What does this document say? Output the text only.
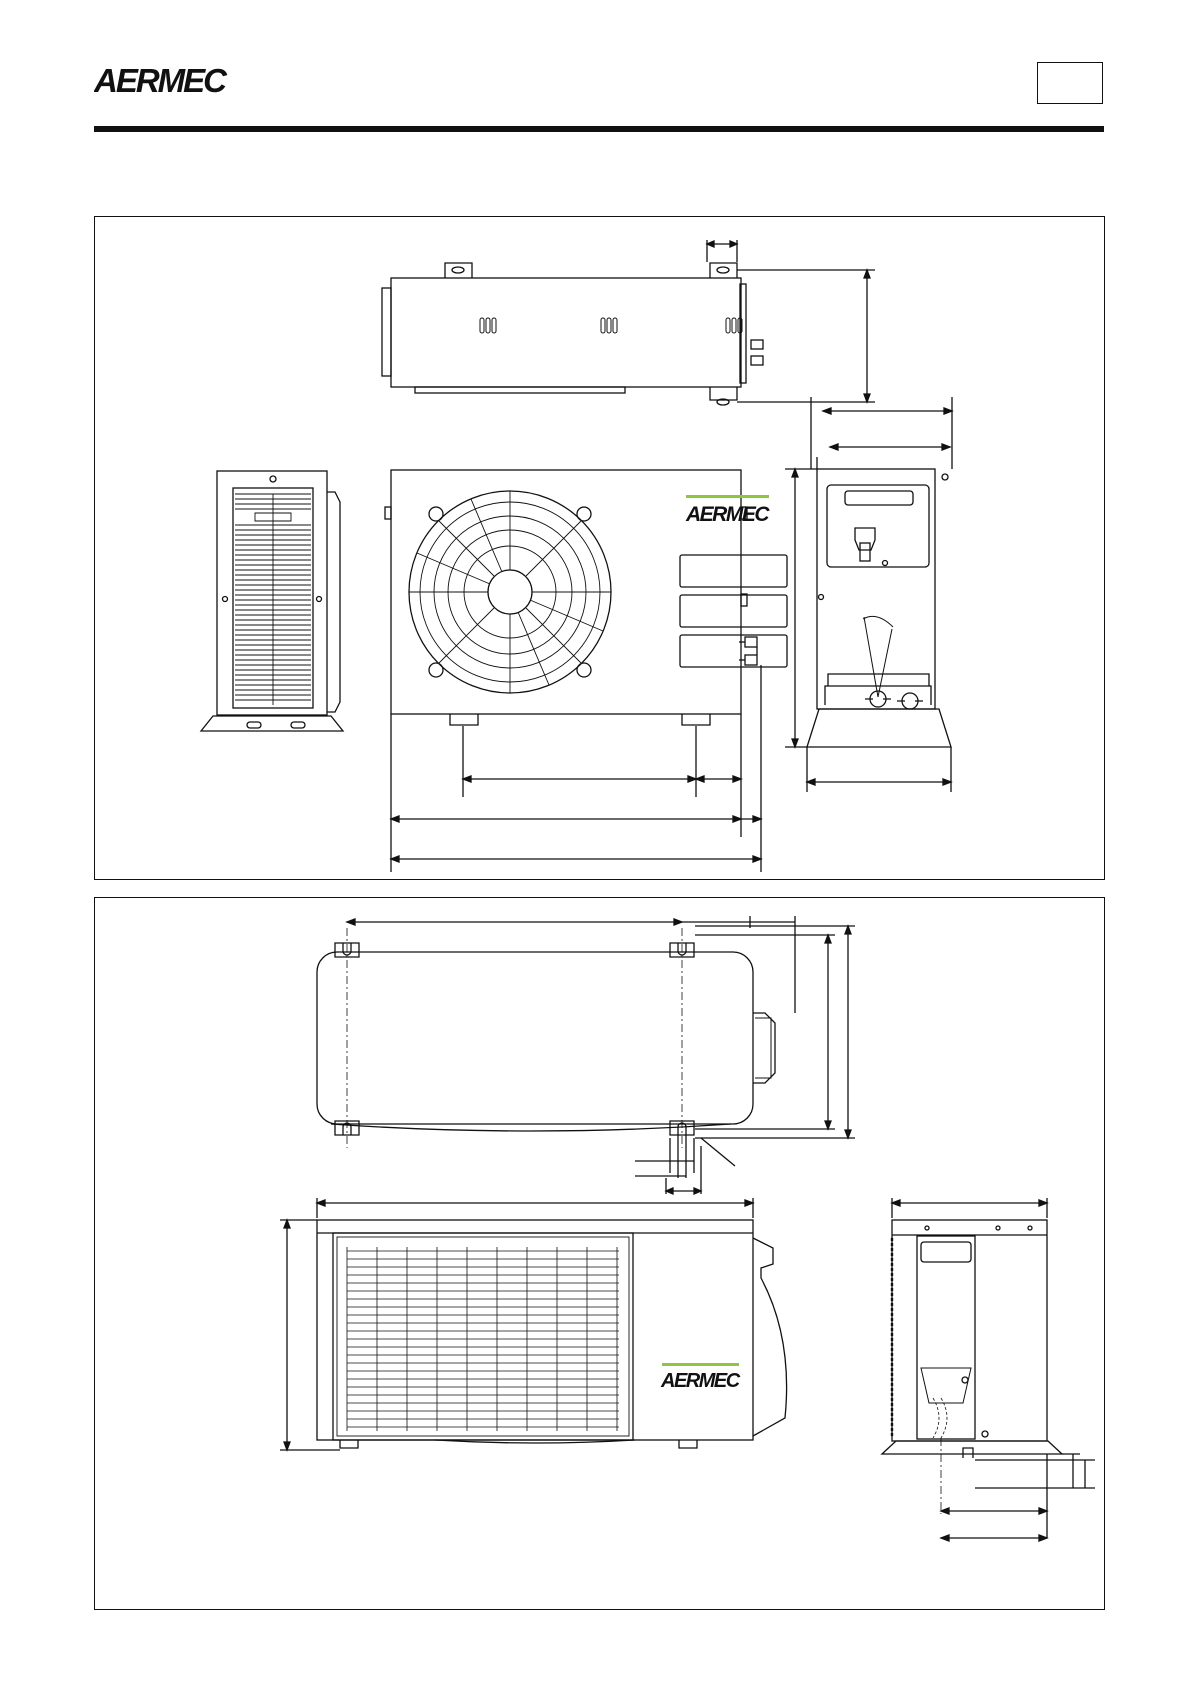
AERMEC
AERMEC
AERMEC
